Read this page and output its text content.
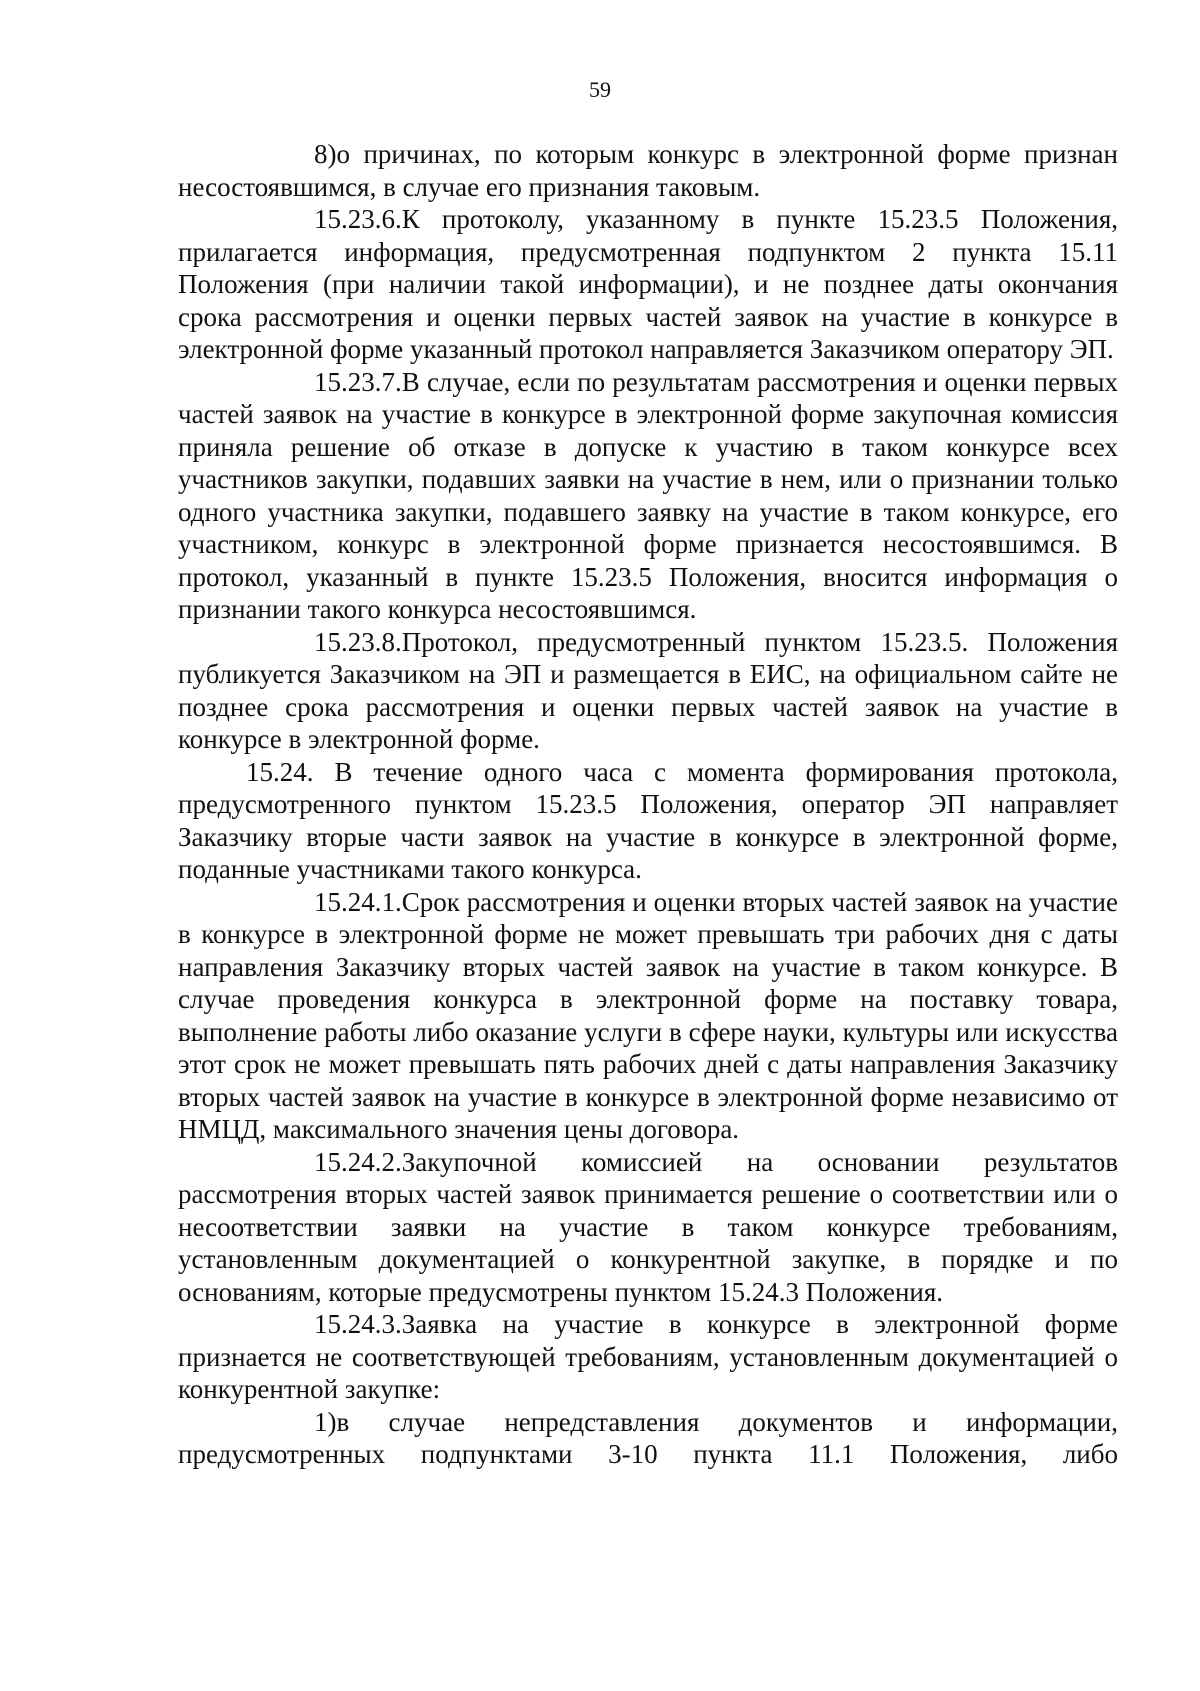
59

8)о причинах, по которым конкурс в электронной форме признан несостоявшимся, в случае его признания таковым.

15.23.6.К протоколу, указанному в пункте 15.23.5 Положения, прилагается информация, предусмотренная подпунктом 2 пункта 15.11 Положения (при наличии такой информации), и не позднее даты окончания срока рассмотрения и оценки первых частей заявок на участие в конкурсе в электронной форме указанный протокол направляется Заказчиком оператору ЭП.

15.23.7.В случае, если по результатам рассмотрения и оценки первых частей заявок на участие в конкурсе в электронной форме закупочная комиссия приняла решение об отказе в допуске к участию в таком конкурсе всех участников закупки, подавших заявки на участие в нем, или о признании только одного участника закупки, подавшего заявку на участие в таком конкурсе, его участником, конкурс в электронной форме признается несостоявшимся. В протокол, указанный в пункте 15.23.5 Положения, вносится информация о признании такого конкурса несостоявшимся.

15.23.8.Протокол, предусмотренный пунктом 15.23.5. Положения публикуется Заказчиком на ЭП и размещается в ЕИС, на официальном сайте не позднее срока рассмотрения и оценки первых частей заявок на участие в конкурсе в электронной форме.

15.24. В течение одного часа с момента формирования протокола, предусмотренного пунктом 15.23.5 Положения, оператор ЭП направляет Заказчику вторые части заявок на участие в конкурсе в электронной форме, поданные участниками такого конкурса.

15.24.1.Срок рассмотрения и оценки вторых частей заявок на участие в конкурсе в электронной форме не может превышать три рабочих дня с даты направления Заказчику вторых частей заявок на участие в таком конкурсе. В случае проведения конкурса в электронной форме на поставку товара, выполнение работы либо оказание услуги в сфере науки, культуры или искусства этот срок не может превышать пять рабочих дней с даты направления Заказчику вторых частей заявок на участие в конкурсе в электронной форме независимо от НМЦД, максимального значения цены договора.

15.24.2.Закупочной комиссией на основании результатов рассмотрения вторых частей заявок принимается решение о соответствии или о несоответствии заявки на участие в таком конкурсе требованиям, установленным документацией о конкурентной закупке, в порядке и по основаниям, которые предусмотрены пунктом 15.24.3 Положения.

15.24.3.Заявка на участие в конкурсе в электронной форме признается не соответствующей требованиям, установленным документацией о конкурентной закупке:

1)в случае непредставления документов и информации, предусмотренных подпунктами 3-10 пункта 11.1 Положения, либо
